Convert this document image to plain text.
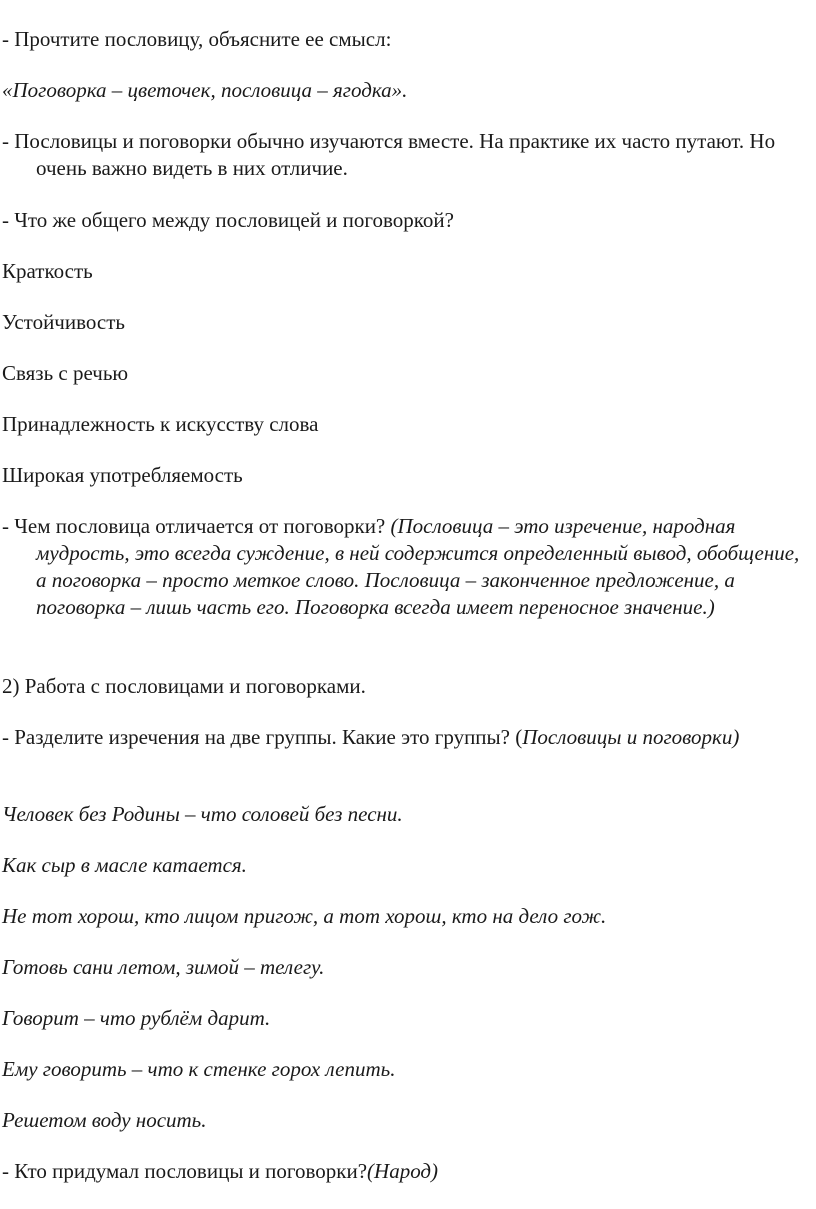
- Прочтите пословицу, объясните ее смысл:

«Поговорка – цветочек, пословица – ягодка».

- Пословицы и поговорки обычно изучаются вместе. На практике их часто путают. Но очень важно видеть в них отличие.

- Что же общего между пословицей и поговоркой?

Краткость

Устойчивость

Связь с речью

Принадлежность к искусству слова

Широкая употребляемость

- Чем пословица отличается от поговорки? (Пословица – это изречение, народная мудрость, это всегда суждение, в ней содержится определенный вывод, обобщение, а поговорка – просто меткое слово. Пословица – законченное предложение, а поговорка – лишь часть его. Поговорка всегда имеет переносное значение.)

2) Работа с пословицами и поговорками.

- Разделите изречения на две группы. Какие это группы? (Пословицы и поговорки)

Человек без Родины – что соловей без песни.

Как сыр в масле катается.

Не тот хорош, кто лицом пригож, а тот хорош, кто на дело гож.

Готовь сани летом, зимой – телегу.

Говорит – что рублём дарит.

Ему говорить – что к стенке горох лепить.

Решетом воду носить.

- Кто придумал пословицы и поговорки?(Народ)
